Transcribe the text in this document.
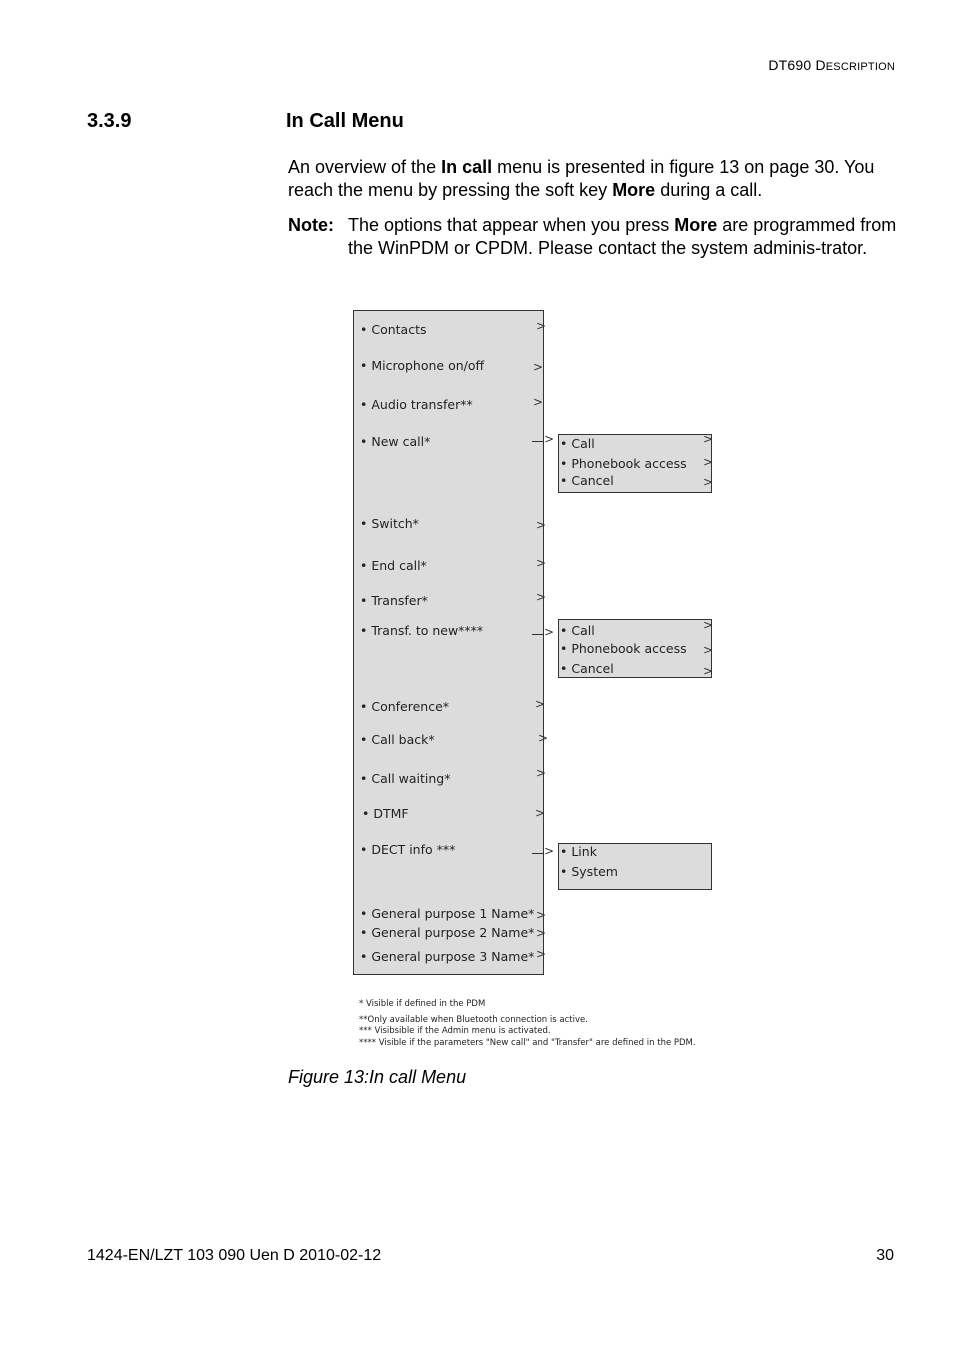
DT690 DESCRIPTION
3.3.9	In Call Menu
An overview of the In call menu is presented in figure 13 on page 30. You reach the menu by pressing the soft key More during a call.
Note: The options that appear when you press More are programmed from the WinPDM or CPDM. Please contact the system adminis-trator.
• Contacts
• Microphone on/off
• Audio transfer**
• New call*
• Switch*
• End call*
• Transfer*
• Transf. to new****
• Conference*
• Call back*
• Call waiting*
• DTMF
• DECT info ***
• General purpose 1 Name*
• General purpose 2 Name*
• General purpose 3 Name*
>
>
>
>
>
>
>
>
>
>
>
>
>
>
>
>
• Call
• Phonebook access
• Cancel
>
>
>
• Call
• Phonebook access
• Cancel
>
>
>
• Link
• System
* Visible if defined in the PDM
**Only available when Bluetooth connection is active.
*** Visibsible if the Admin menu is activated.
**** Visible if the parameters "New call" and "Transfer" are defined in the PDM.
Figure 13:In call Menu
1424-EN/LZT 103 090 Uen D 2010-02-12	30
